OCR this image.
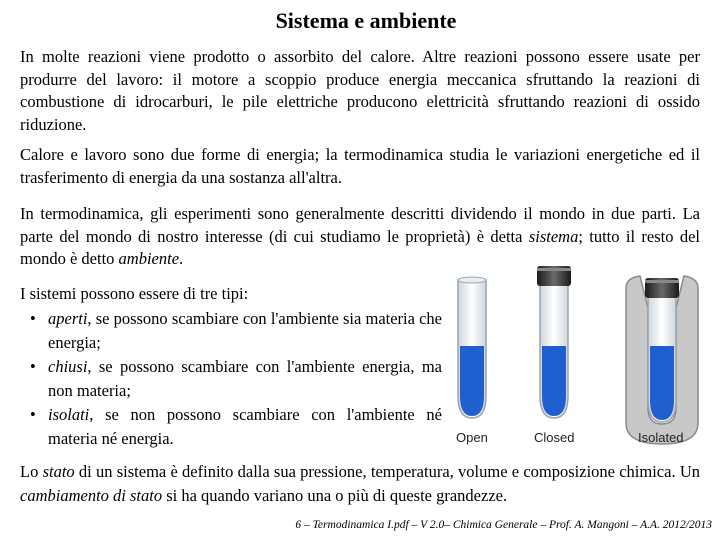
Sistema e ambiente

In molte reazioni viene prodotto o assorbito del calore. Altre reazioni possono essere usate per produrre del lavoro: il motore a scoppio produce energia meccanica sfruttando la reazioni di combustione di idrocarburi, le pile elettriche producono elettricità sfruttando reazioni di ossido riduzione.

Calore e lavoro sono due forme di energia; la termodinamica studia le variazioni energetiche ed il trasferimento di energia da una sostanza all'altra.

In termodinamica, gli esperimenti sono generalmente descritti dividendo il mondo in due parti. La parte del mondo di nostro interesse (di cui studiamo le proprietà) è detta sistema; tutto il resto del mondo è detto ambiente.

I sistemi possono essere di tre tipi:

• aperti, se possono scambiare con l'ambiente sia materia che energia;
• chiusi, se possono scambiare con l'ambiente energia, ma non materia;
• isolati, se non possono scambiare con l'ambiente né materia né energia.	Open	Closed	Isolated

Lo stato di un sistema è definito dalla sua pressione, temperatura, volume e composizione chimica. Un cambiamento di stato si ha quando variano una o più di queste grandezze.

6 – Termodinamica I.pdf – V 2.0– Chimica Generale – Prof. A. Mangoni – A.A. 2012/2013
